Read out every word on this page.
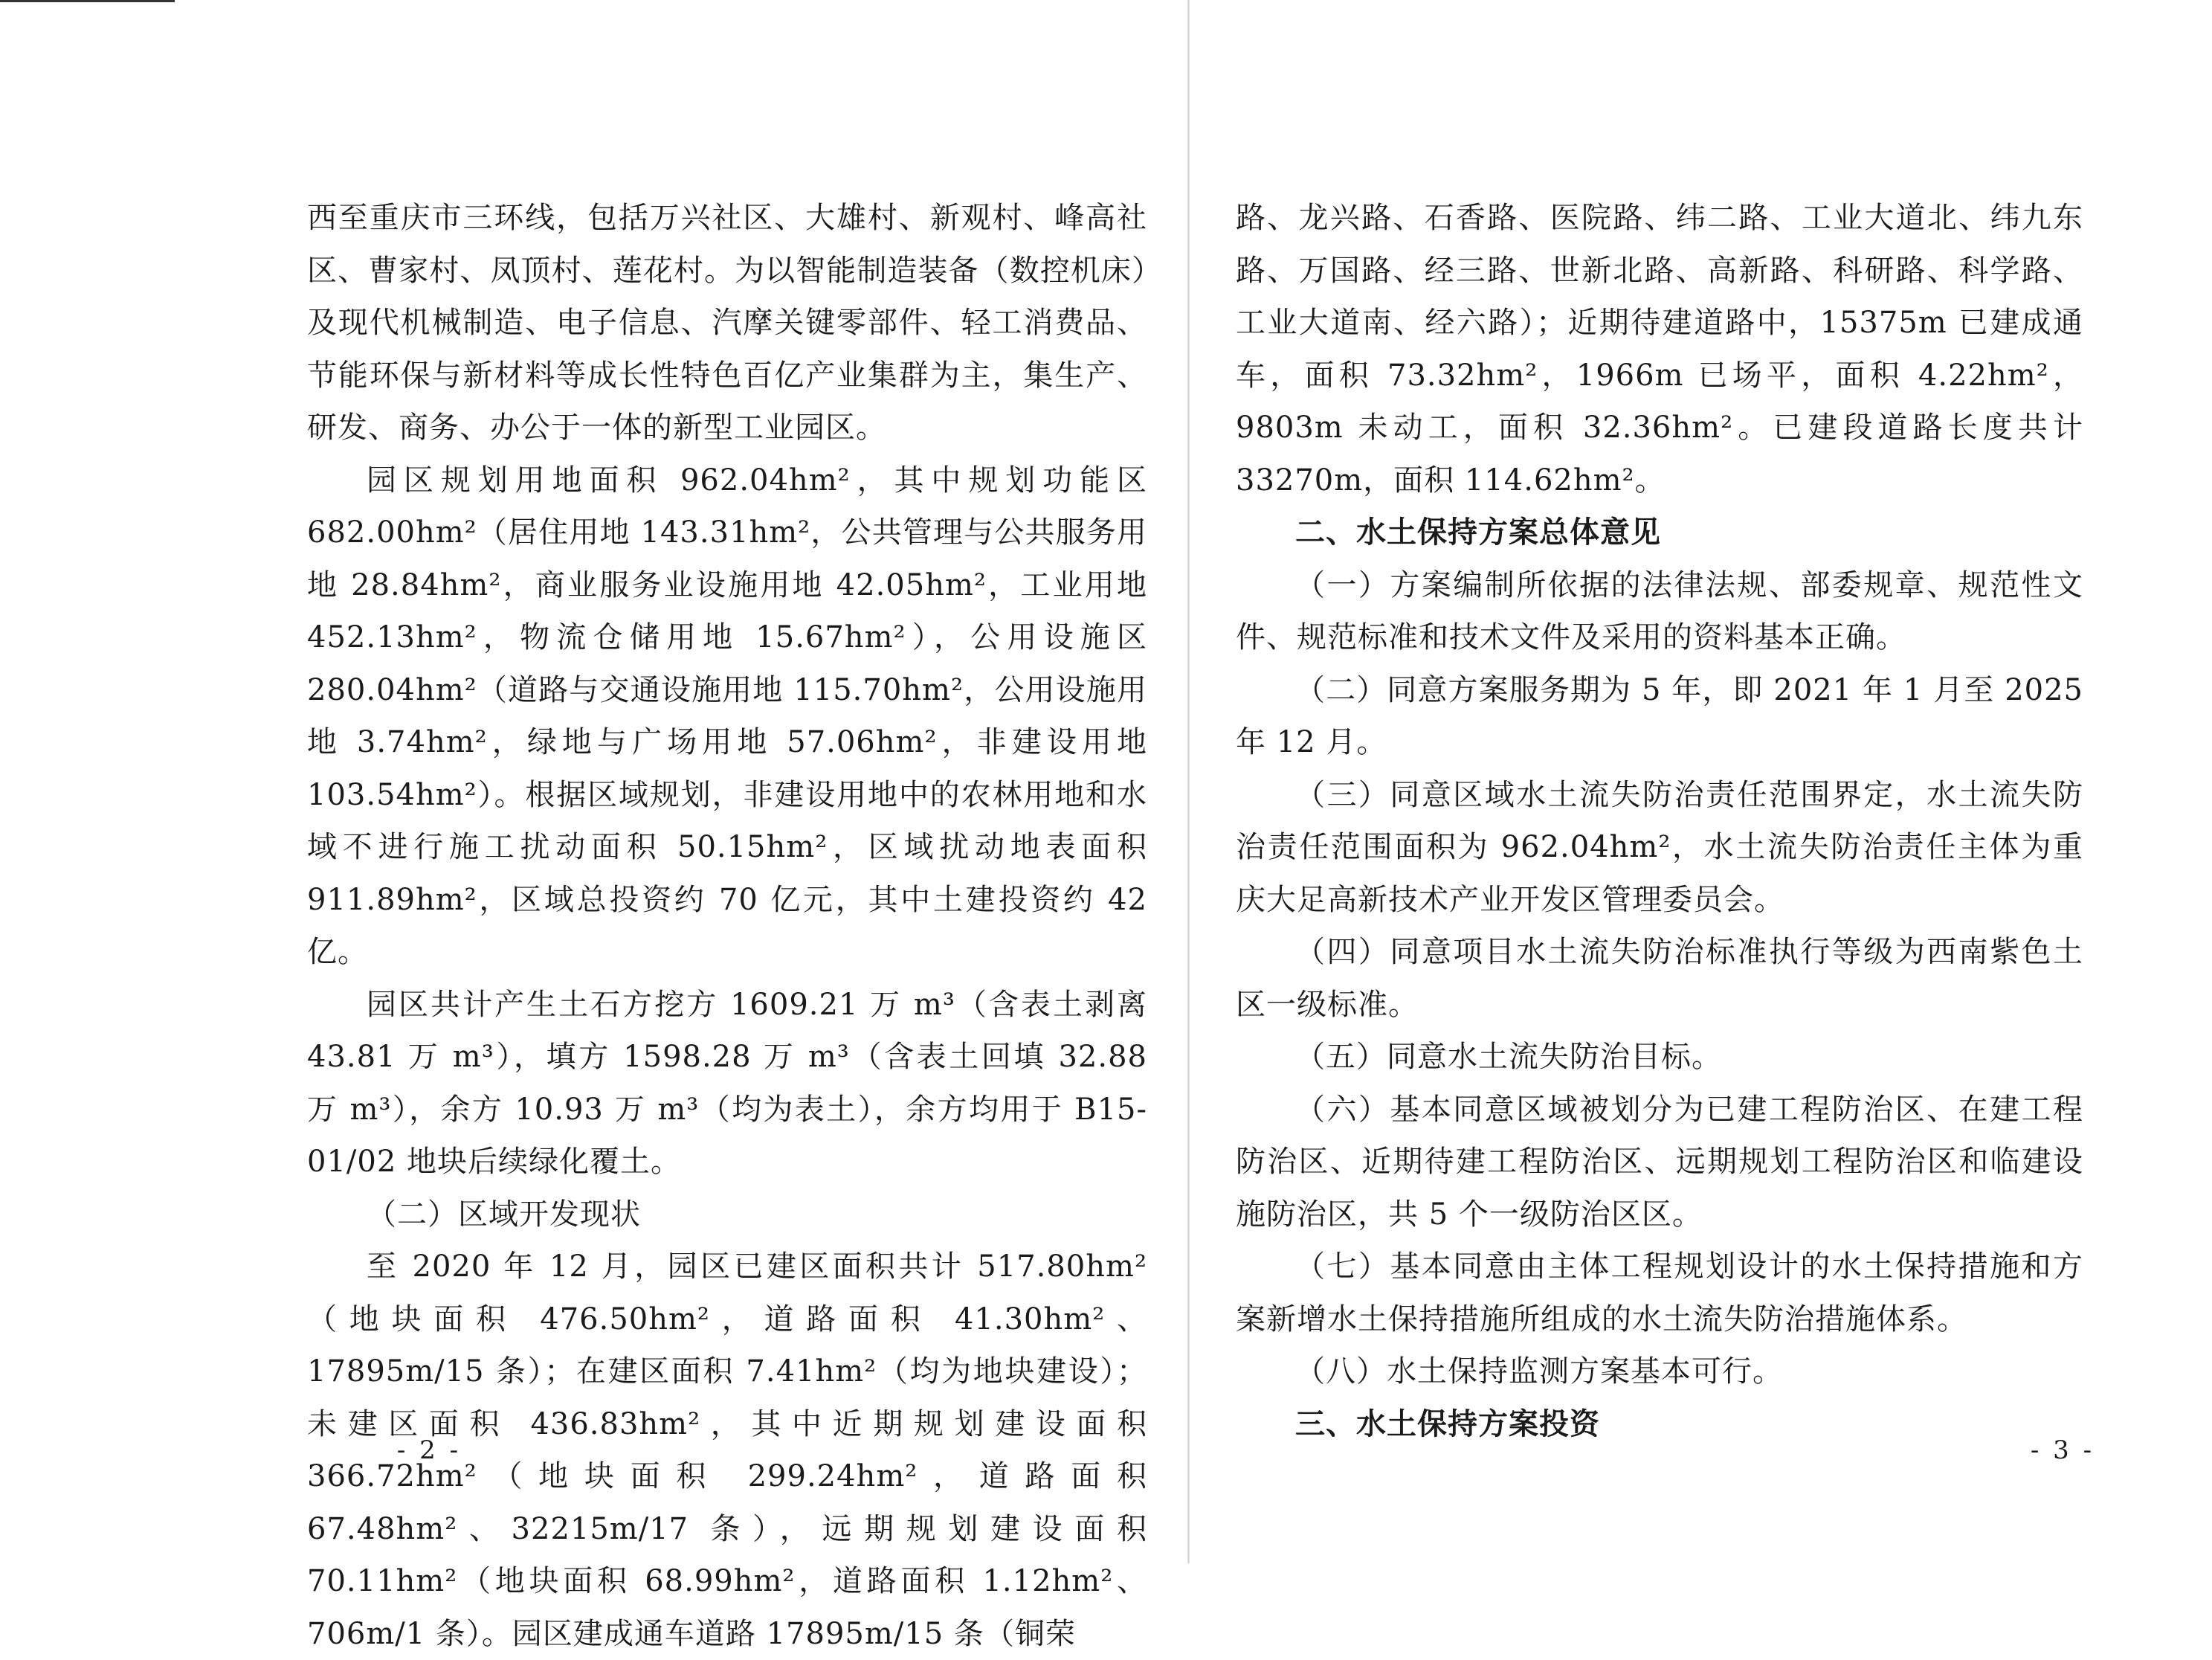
西至重庆市三环线，包括万兴社区、大雄村、新观村、峰高社区、曹家村、凤顶村、莲花村。为以智能制造装备（数控机床）及现代机械制造、电子信息、汽摩关键零部件、轻工消费品、节能环保与新材料等成长性特色百亿产业集群为主，集生产、研发、商务、办公于一体的新型工业园区。

园区规划用地面积 962.04hm²，其中规划功能区 682.00hm²（居住用地 143.31hm²，公共管理与公共服务用地 28.84hm²，商业服务业设施用地 42.05hm²，工业用地 452.13hm²，物流仓储用地 15.67hm²），公用设施区 280.04hm²（道路与交通设施用地 115.70hm²，公用设施用地 3.74hm²，绿地与广场用地 57.06hm²，非建设用地 103.54hm²）。根据区域规划，非建设用地中的农林用地和水域不进行施工扰动面积 50.15hm²，区域扰动地表面积 911.89hm²，区域总投资约 70 亿元，其中土建投资约 42 亿。

园区共计产生土石方挖方 1609.21 万 m³（含表土剥离 43.81 万 m³），填方 1598.28 万 m³（含表土回填 32.88 万 m³），余方 10.93 万 m³（均为表土），余方均用于 B15-01/02 地块后续绿化覆土。

（二）区域开发现状

至 2020 年 12 月，园区已建区面积共计 517.80hm²（地块面积 476.50hm²，道路面积 41.30hm²、17895m/15 条）；在建区面积 7.41hm²（均为地块建设）；未建区面积 436.83hm²，其中近期规划建设面积 366.72hm²（地块面积 299.24hm²，道路面积 67.48hm²、32215m/17 条），远期规划建设面积 70.11hm²（地块面积 68.99hm²，道路面积 1.12hm²、706m/1 条）。园区建成通车道路 17895m/15 条（铜荣

- 2 -

路、龙兴路、石香路、医院路、纬二路、工业大道北、纬九东路、万国路、经三路、世新北路、高新路、科研路、科学路、工业大道南、经六路）；近期待建道路中，15375m 已建成通车，面积 73.32hm²，1966m 已场平，面积 4.22hm²，9803m 未动工，面积 32.36hm²。已建段道路长度共计 33270m，面积 114.62hm²。

二、水土保持方案总体意见

（一）方案编制所依据的法律法规、部委规章、规范性文件、规范标准和技术文件及采用的资料基本正确。

（二）同意方案服务期为 5 年，即 2021 年 1 月至 2025 年 12 月。

（三）同意区域水土流失防治责任范围界定，水土流失防治责任范围面积为 962.04hm²，水土流失防治责任主体为重庆大足高新技术产业开发区管理委员会。

（四）同意项目水土流失防治标准执行等级为西南紫色土区一级标准。

（五）同意水土流失防治目标。

（六）基本同意区域被划分为已建工程防治区、在建工程防治区、近期待建工程防治区、远期规划工程防治区和临建设施防治区，共 5 个一级防治区区。

（七）基本同意由主体工程规划设计的水土保持措施和方案新增水土保持措施所组成的水土流失防治措施体系。

（八）水土保持监测方案基本可行。

三、水土保持方案投资

- 3 -
